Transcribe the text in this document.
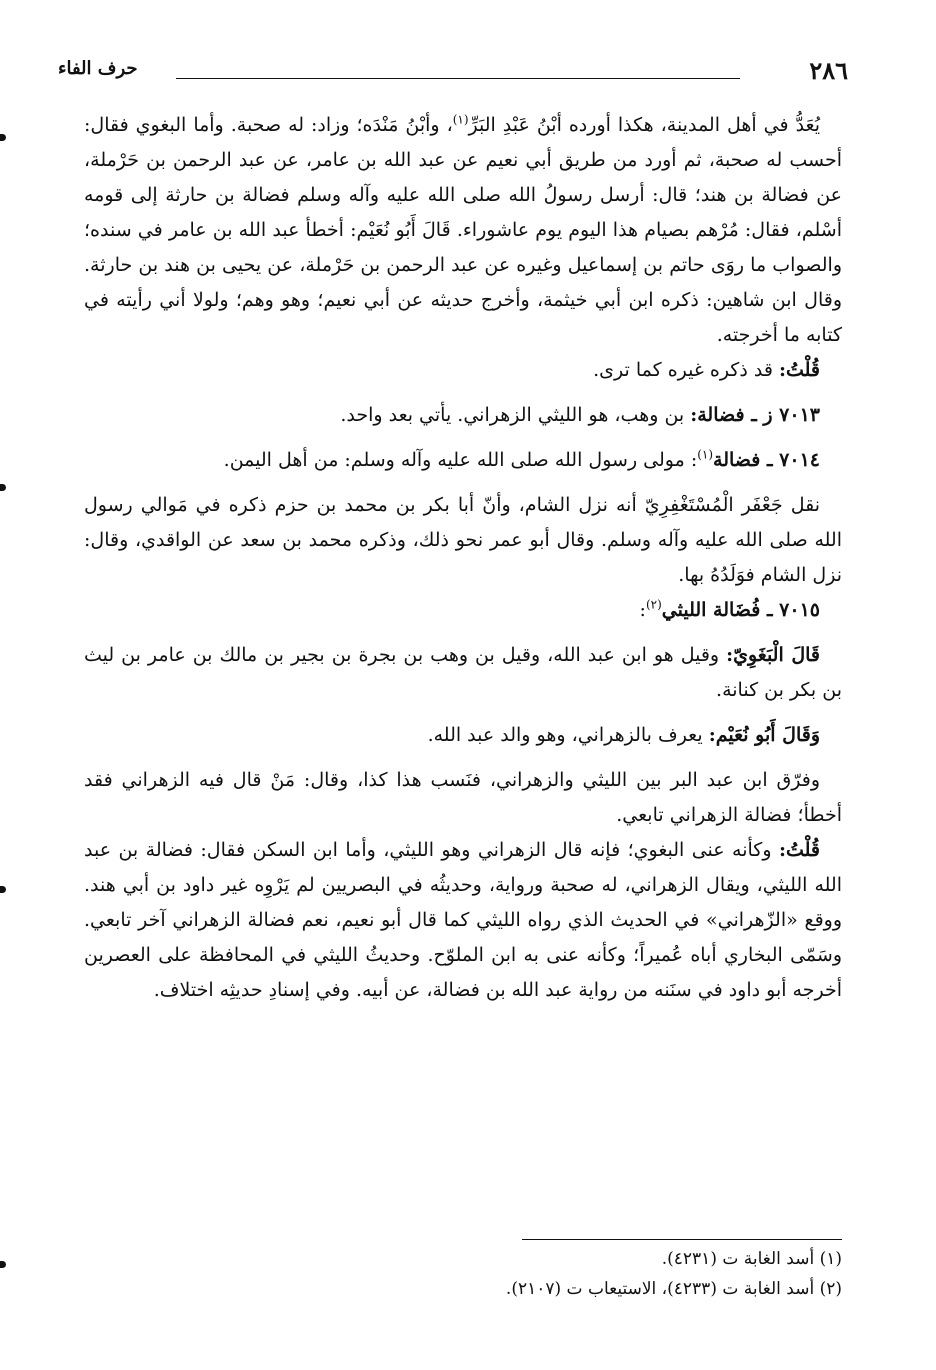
٢٨٦
حرف الفاء

يُعَدُّ في أهل المدينة، هكذا أورده أبْنُ عَبْدِ البَرِّ$^{(١)}$، وأبْنُ مَنْدَه؛ وزاد: له صحبة. وأما البغوي فقال: أحسب له صحبة، ثم أورد من طريق أبي نعيم عن عبد الله بن عامر، عن عبد الرحمن بن حَرْملة، عن فضالة بن هند؛ قال: أرسل رسولُ الله صلى الله عليه وآله وسلم فضالة بن حارثة إلى قومه أسْلم، فقال: مُرْهم بصيام هذا اليوم يوم عاشوراء. قَالَ أَبُو نُعَيْم: أخطأ عبد الله بن عامر في سنده؛ والصواب ما روَى حاتم بن إسماعيل وغيره عن عبد الرحمن بن حَرْملة، عن يحيى بن هند بن حارثة. وقال ابن شاهين: ذكره ابن أبي خيثمة، وأخرج حديثه عن أبي نعيم؛ وهو وهم؛ ولولا أني رأيته في كتابه ما أخرجته.

قُلْتُ: قد ذكره غيره كما ترى.

٧٠١٣ ز ـ فضالة: بن وهب، هو الليثي الزهراني. يأتي بعد واحد.

٧٠١٤ ـ فضالة$^{(١)}$: مولى رسول الله صلى الله عليه وآله وسلم: من أهل اليمن.

نقل جَعْفَر الْمُسْتَغْفِرِيّ أنه نزل الشام، وأنّ أبا بكر بن محمد بن حزم ذكره في مَوالي رسول الله صلى الله عليه وآله وسلم. وقال أبو عمر نحو ذلك، وذكره محمد بن سعد عن الواقدي، وقال: نزل الشام فوَلَدُهُ بها.

٧٠١٥ ـ فُضَالة الليثي$^{(٢)}$:

قَالَ الْبَغَوِيّ: وقيل هو ابن عبد الله، وقيل بن وهب بن بجرة بن بجير بن مالك بن عامر بن ليث بن بكر بن كنانة.

وَقَالَ أَبُو نُعَيْم: يعرف بالزهراني، وهو والد عبد الله.

وفرّق ابن عبد البر بين الليثي والزهراني، فنَسب هذا كذا، وقال: مَنْ قال فيه الزهراني فقد أخطأ؛ فضالة الزهراني تابعي.

قُلْتُ: وكأنه عنى البغوي؛ فإنه قال الزهراني وهو الليثي، وأما ابن السكن فقال: فضالة بن عبد الله الليثي، ويقال الزهراني، له صحبة ورواية، وحديثُه في البصريين لم يَرْوِه غير داود بن أبي هند. ووقع «الزّهراني» في الحديث الذي رواه الليثي كما قال أبو نعيم، نعم فضالة الزهراني آخر تابعي. وسَمّى البخاري أباه عُميراً؛ وكأنه عنى به ابن الملوّح. وحديثُ الليثي في المحافظة على العصرين أخرجه أبو داود في سنَنه من رواية عبد الله بن فضالة، عن أبيه. وفي إسنادِ حديثِه اختلاف.

(١) أسد الغابة ت (٤٢٣١).

(٢) أسد الغابة ت (٤٢٣٣)، الاستيعاب ت (٢١٠٧).
